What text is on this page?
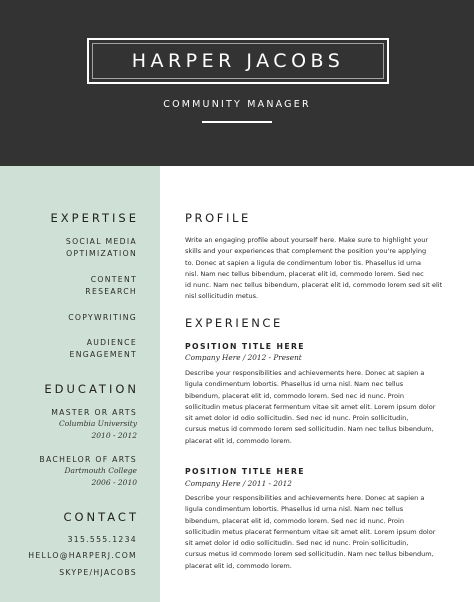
HARPER JACOBS
COMMUNITY MANAGER
EXPERTISE
SOCIAL MEDIA
OPTIMIZATION
CONTENT
RESEARCH
COPYWRITING
AUDIENCE
ENGAGEMENT
EDUCATION
MASTER OR ARTS
Columbia University
2010 - 2012
BACHELOR OF ARTS
Dartmouth College
2006 - 2010
CONTACT
315.555.1234
HELLO@HARPERJ.COM
SKYPE/HJACOBS
PROFILE
Write an engaging profile about yourself here. Make sure to highlight your
skills and your experiences that complement the position you're applying
to. Donec at sapien a ligula de condimentum lobor tis. Phasellus id urna
nisl. Nam nec tellus bibendum, placerat elit id, commodo lorem. Sed nec
id nunc. Nam nec tellus bibendum, placerat elit id, commodo lorem sed sit elit
nisl sollicitudin metus.
EXPERIENCE
POSITION TITLE HERE
Company Here / 2012 - Present
Describe your responsibilities and achievements here. Donec at sapien a
ligula condimentum lobortis. Phasellus id urna nisl. Nam nec tellus
bibendum, placerat elit id, commodo lorem. Sed nec id nunc. Proin
sollicitudin metus placerat fermentum vitae sit amet elit. Lorem ipsum dolor
sit amet dolor id odio sollicitudin. Sed nec id nunc. Proin sollicitudin,
cursus metus id commodo lorem sed sollicitudin. Nam nec tellus bibendum,
placerat elit id, commodo lorem.
POSITION TITLE HERE
Company Here / 2011 - 2012
Describe your responsibilities and achievements here. Donec at sapien a
ligula condimentum lobortis. Phasellus id urna nisl. Nam nec tellus
bibendum, placerat elit id, commodo lorem. Sed nec id nunc. Proin
sollicitudin metus placerat fermentum vitae sit amet elit. Lorem ipsum dolor
sit amet dolor id odio sollicitudin. Sed nec id nunc. Proin sollicitudin,
cursus metus id commodo lorem sed sollicitudin. Nam nec tellus bibendum,
placerat elit id, commodo lorem.
